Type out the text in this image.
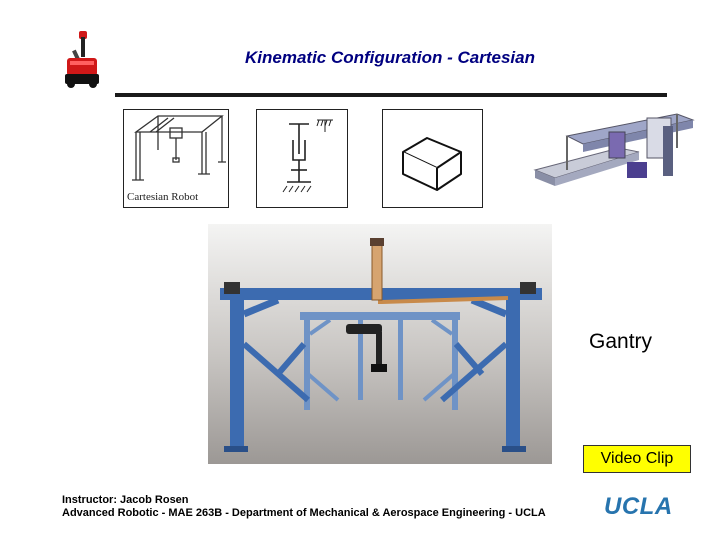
Kinematic Configuration - Cartesian
Cartesian Robot
Gantry
Video Clip
Instructor: Jacob Rosen
Advanced Robotic - MAE 263B - Department of Mechanical & Aerospace Engineering - UCLA UCLA
